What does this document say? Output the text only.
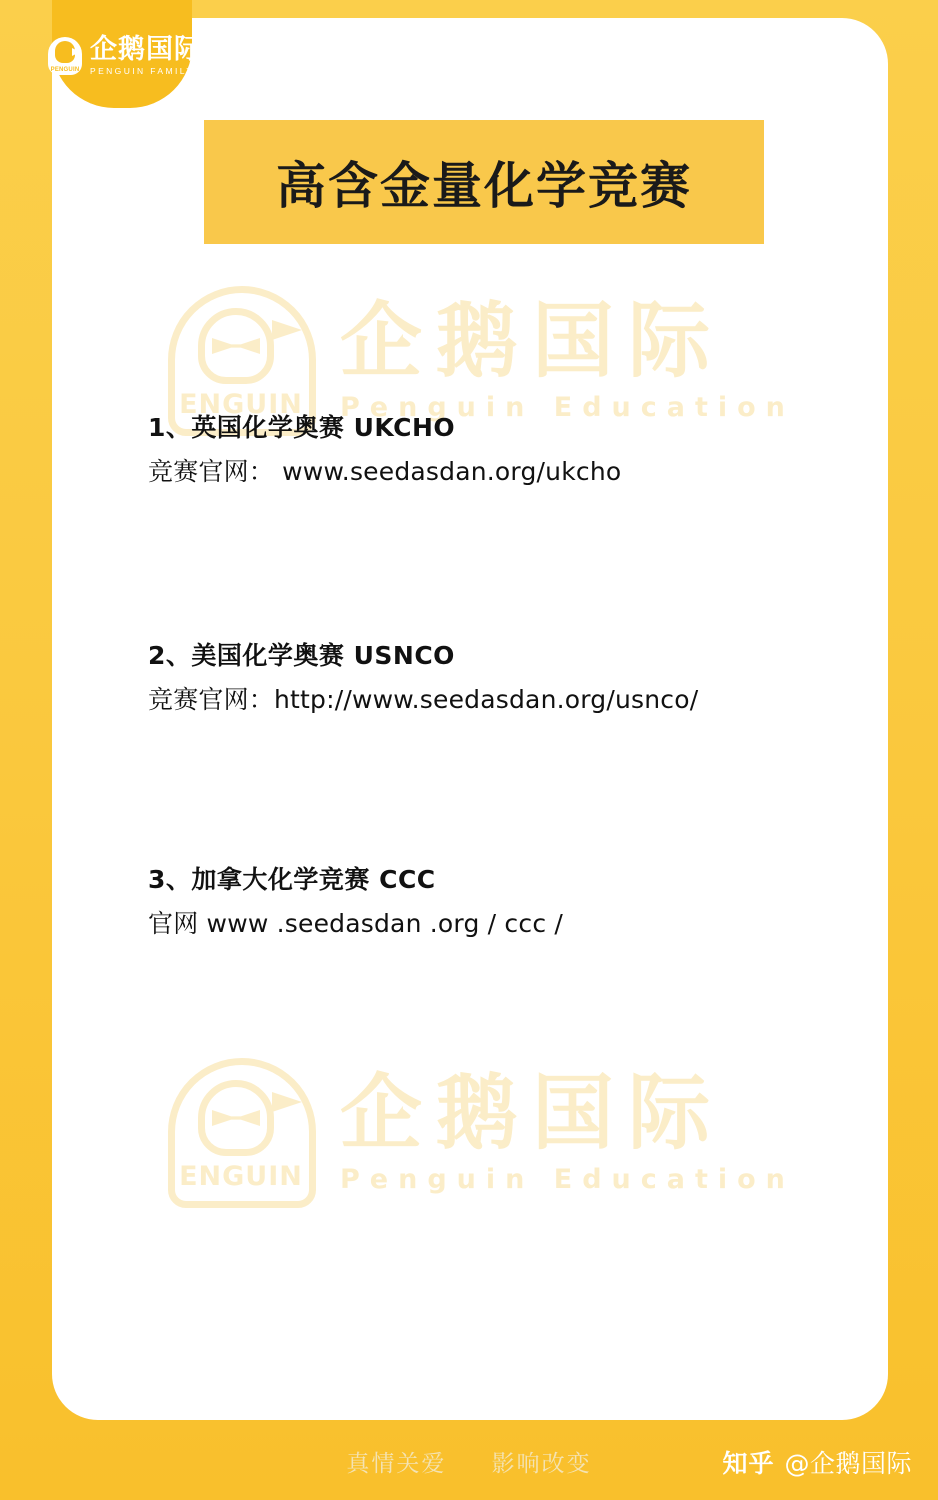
ENGUIN
企鹅国际
Penguin Education
ENGUIN
企鹅国际
Penguin Education
高含金量化学竞赛

1、英国化学奥赛 UKCHO

竞赛官网： www.seedasdan.org/ukcho

2、美国化学奥赛 USNCO

竞赛官网：http://www.seedasdan.org/usnco/

3、加拿大化学竞赛 CCC

官网 www .seedasdan .org / ccc /

PENGUIN
企鹅国际
PENGUIN FAMILY
真情关爱 影响改变	知乎 @企鹅国际
